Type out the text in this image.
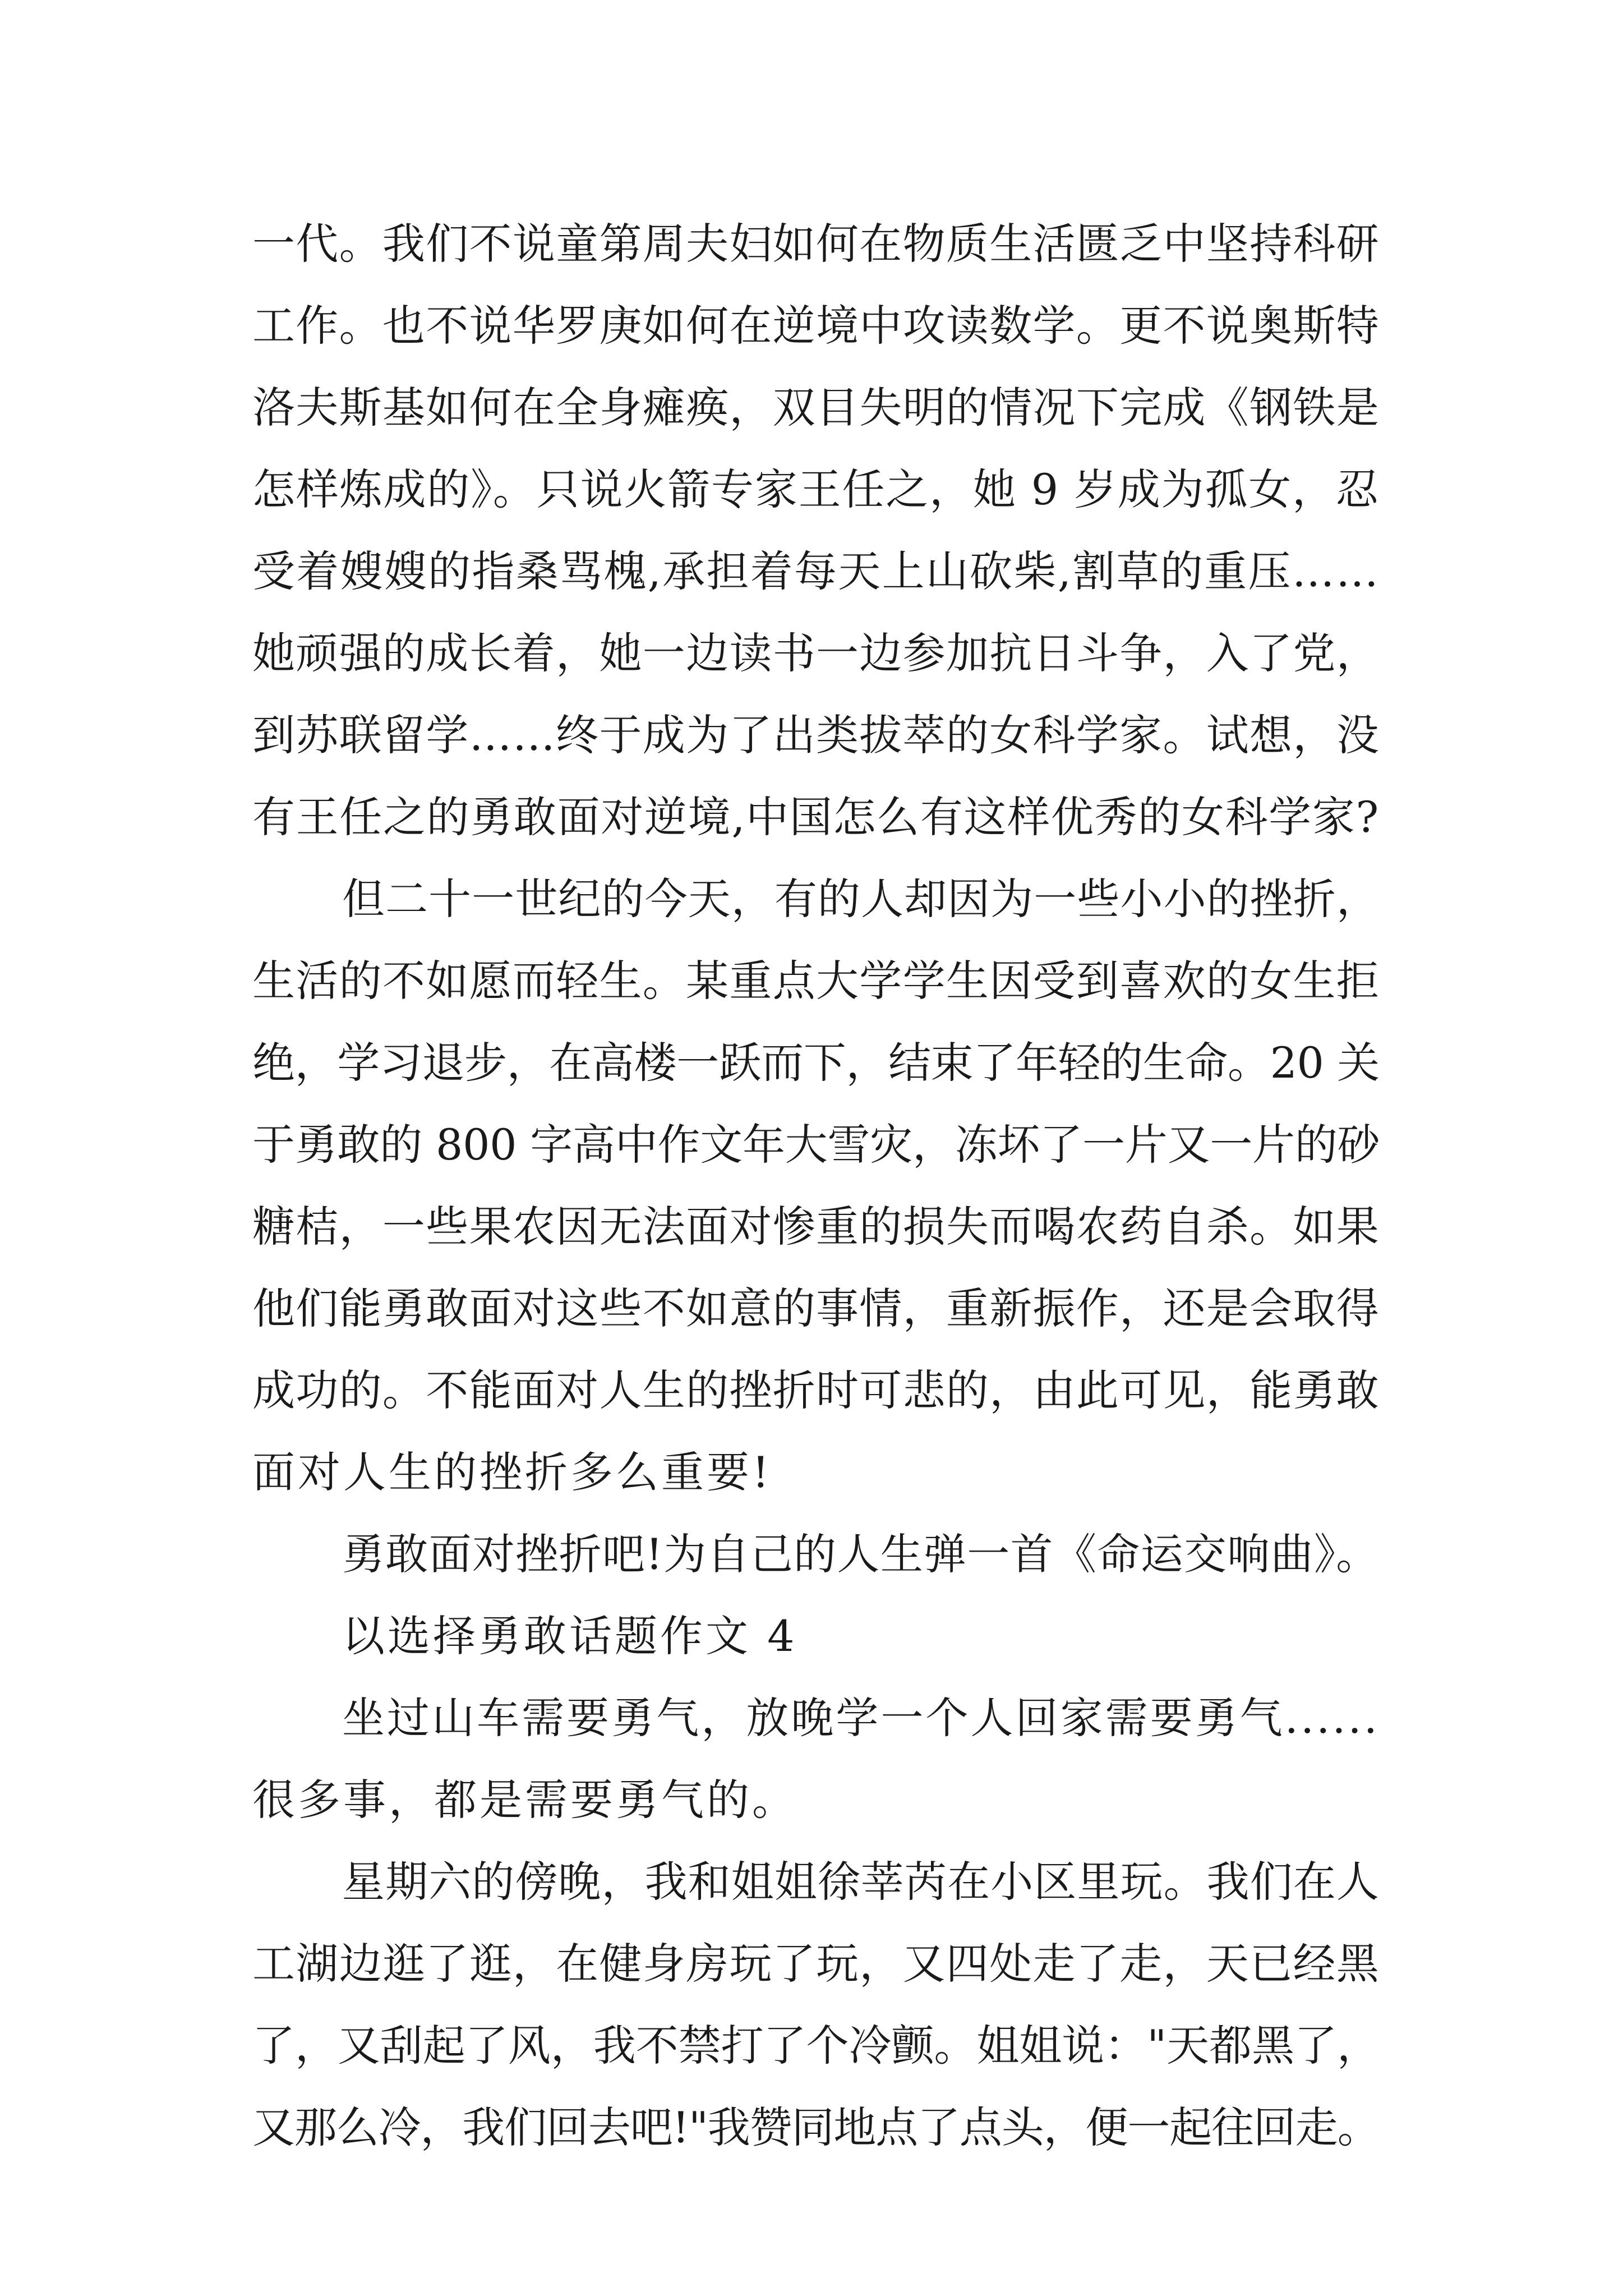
一代。我们不说童第周夫妇如何在物质生活匮乏中坚持科研
工作。也不说华罗庚如何在逆境中攻读数学。更不说奥斯特
洛夫斯基如何在全身瘫痪，双目失明的情况下完成《钢铁是
怎样炼成的》。只说火箭专家王任之，她 9 岁成为孤女，忍
受着嫂嫂的指桑骂槐,承担着每天上山砍柴,割草的重压……
她顽强的成长着，她一边读书一边参加抗日斗争，入了党，
到苏联留学……终于成为了出类拔萃的女科学家。试想，没
有王任之的勇敢面对逆境,中国怎么有这样优秀的女科学家?
但二十一世纪的今天，有的人却因为一些小小的挫折，
生活的不如愿而轻生。某重点大学学生因受到喜欢的女生拒
绝，学习退步，在高楼一跃而下，结束了年轻的生命。20 关
于勇敢的 800 字高中作文年大雪灾，冻坏了一片又一片的砂
糖桔，一些果农因无法面对惨重的损失而喝农药自杀。如果
他们能勇敢面对这些不如意的事情，重新振作，还是会取得
成功的。不能面对人生的挫折时可悲的，由此可见，能勇敢
面对人生的挫折多么重要!
勇敢面对挫折吧!为自己的人生弹一首《命运交响曲》。
以选择勇敢话题作文 4
坐过山车需要勇气，放晚学一个人回家需要勇气......
很多事，都是需要勇气的。
星期六的傍晚，我和姐姐徐莘芮在小区里玩。我们在人
工湖边逛了逛，在健身房玩了玩，又四处走了走，天已经黑
了，又刮起了风，我不禁打了个冷颤。姐姐说："天都黑了，
又那么冷，我们回去吧!"我赞同地点了点头，便一起往回走。
